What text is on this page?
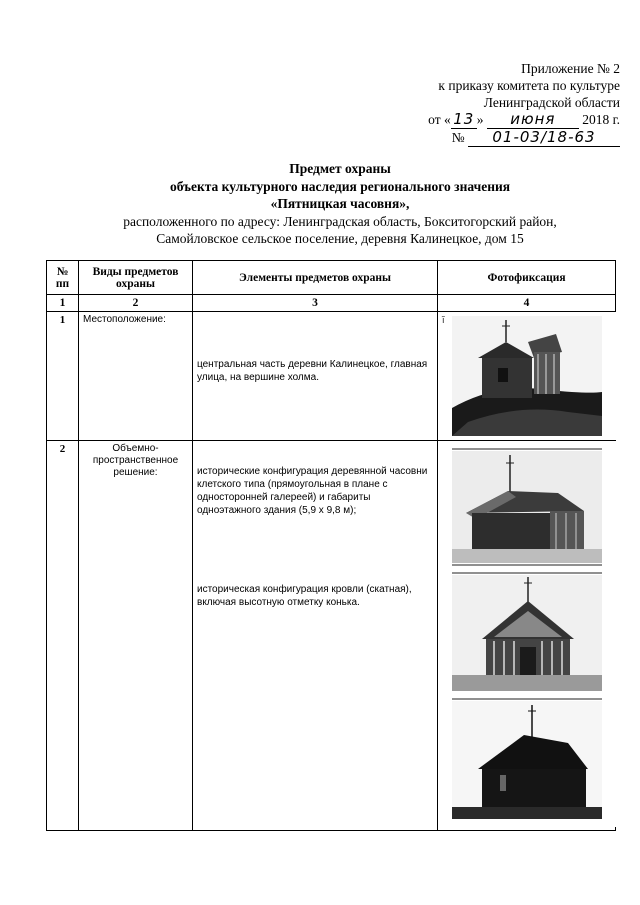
Приложение № 2
к приказу комитета по культуре
Ленинградской области
от « 13 » июня 2018 г.
№ 01-03/18-63
Предмет охраны
объекта культурного наследия регионального значения
«Пятницкая часовня»,
расположенного по адресу: Ленинградская область, Бокситогорский район,
Самойловское сельское поселение, деревня Калинецкое, дом 15
№ пп	Виды предметов охраны	Элементы предметов охраны	Фотофиксация
1	2	3	4
1	Местоположение:	центральная часть деревни Калинецкое, главная улица, на вершине холма.	i͂

2	Объемно-пространственное решение:	исторические конфигурация деревянной часовни клетского типа (прямоугольная в плане с односторонней галереей) и габариты одноэтажного здания (5,9 х 9,8 м);
историческая конфигурация кровли (скатная), включая высотную отметку конька.
